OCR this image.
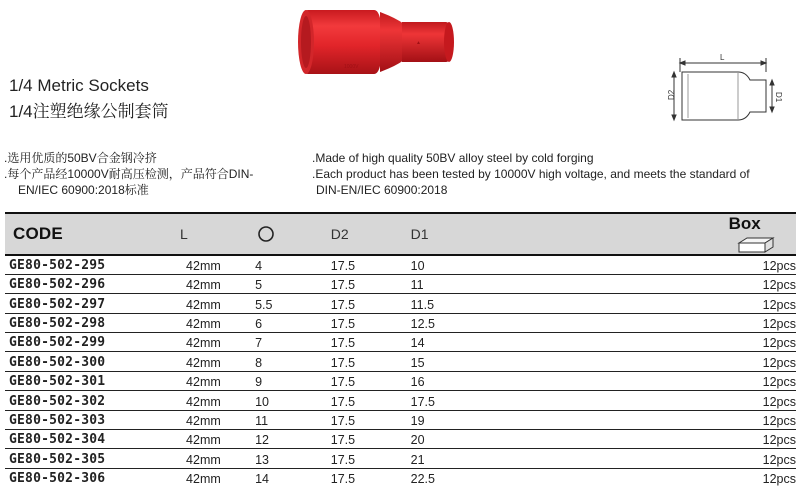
1000V
▲
1/4 Metric Sockets
1/4注塑绝缘公制套筒
L
D2	D1
.选用优质的50BV合金钢冷挤
.每个产品经10000V耐高压检测，产品符合DIN-
EN/IEC 60900:2018标准
.Made of high quality 50BV alloy steel by cold forging
.Each product has been tested by 10000V high voltage, and meets the standard of
DIN-EN/IEC 60900:2018
CODE	L		D2	D1	Box
GE80-502-295	42mm	4	17.5	10	12pcs
GE80-502-296	42mm	5	17.5	11	12pcs
GE80-502-297	42mm	5.5	17.5	11.5	12pcs
GE80-502-298	42mm	6	17.5	12.5	12pcs
GE80-502-299	42mm	7	17.5	14	12pcs
GE80-502-300	42mm	8	17.5	15	12pcs
GE80-502-301	42mm	9	17.5	16	12pcs
GE80-502-302	42mm	10	17.5	17.5	12pcs
GE80-502-303	42mm	11	17.5	19	12pcs
GE80-502-304	42mm	12	17.5	20	12pcs
GE80-502-305	42mm	13	17.5	21	12pcs
GE80-502-306	42mm	14	17.5	22.5	12pcs
